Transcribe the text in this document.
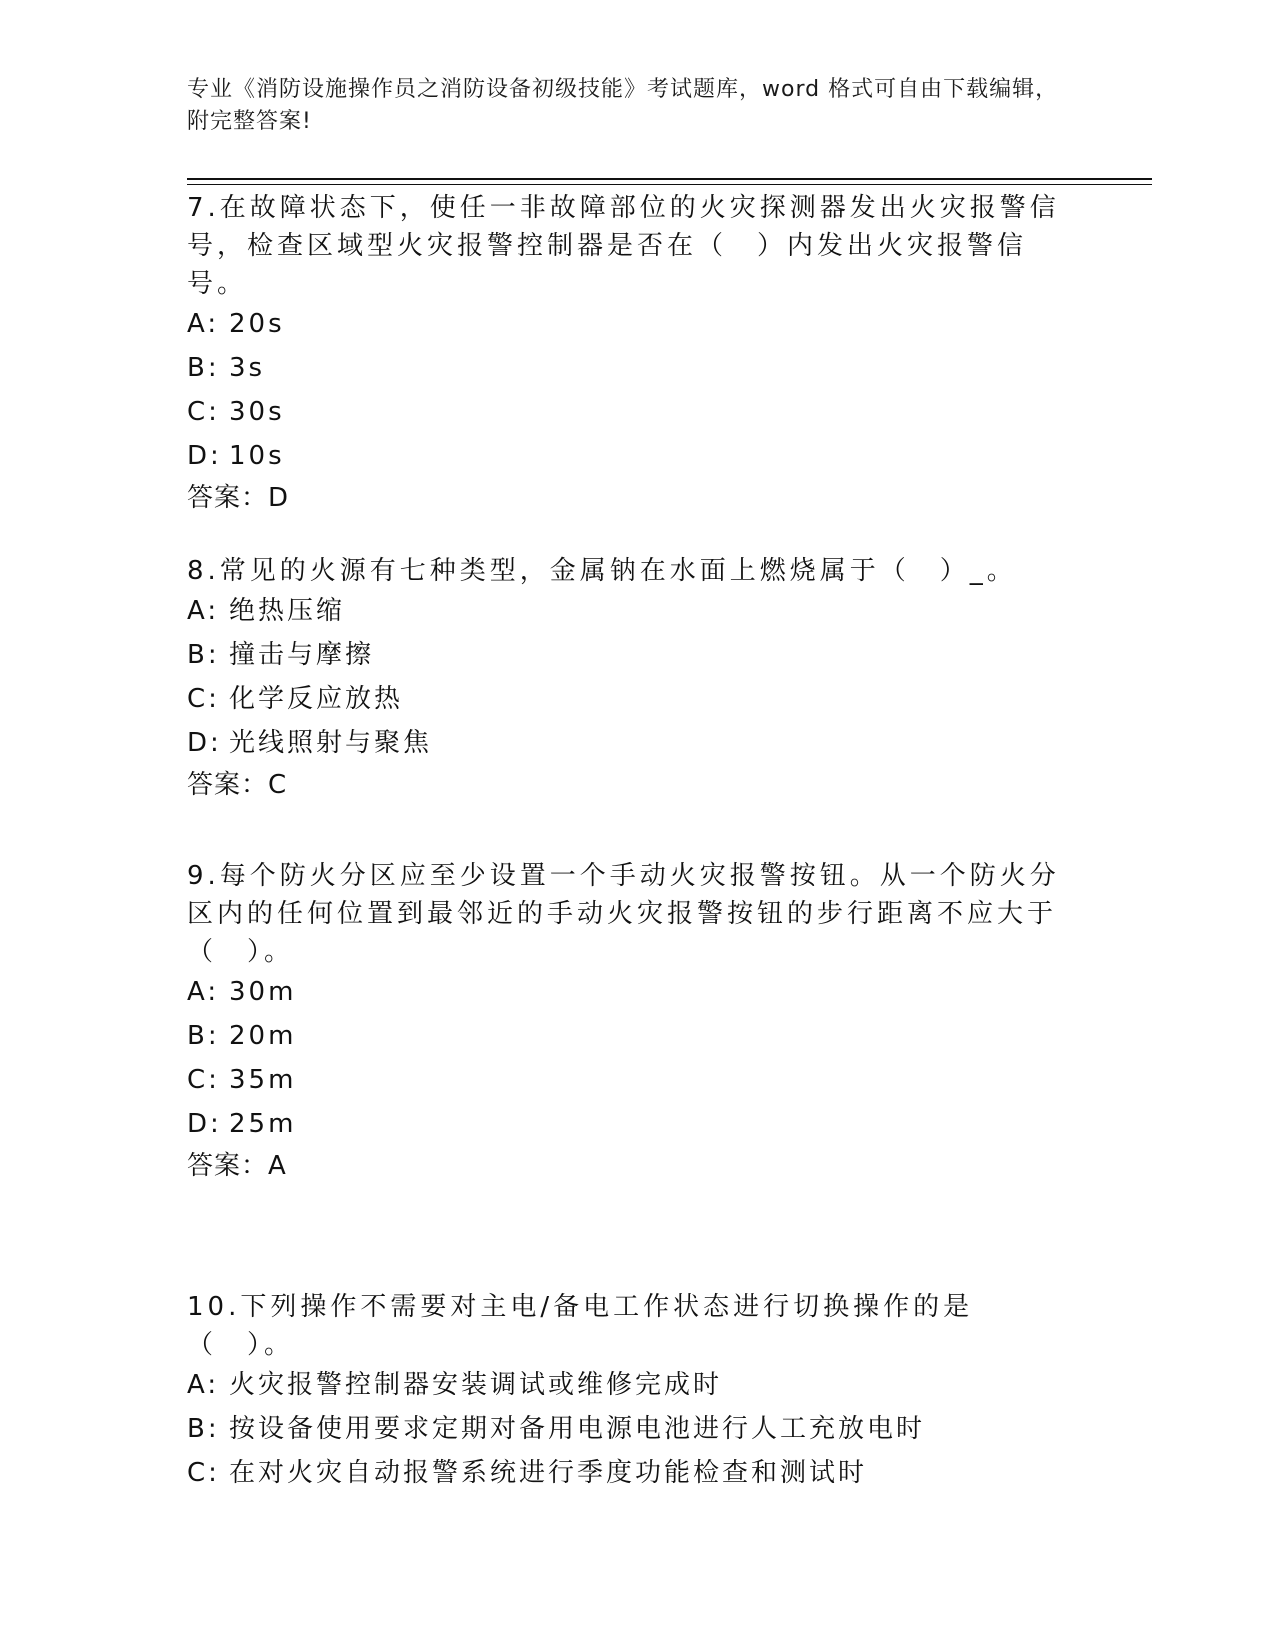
专业《消防设施操作员之消防设备初级技能》考试题库，word 格式可自由下载编辑，附完整答案!

7.在故障状态下，使任一非故障部位的火灾探测器发出火灾报警信号，检查区域型火灾报警控制器是否在（　）内发出火灾报警信号。

A: 20s

B: 3s

C: 30s

D: 10s

答案：D

8.常见的火源有七种类型，金属钠在水面上燃烧属于（　）_。

A: 绝热压缩

B: 撞击与摩擦

C: 化学反应放热

D: 光线照射与聚焦

答案：C

9.每个防火分区应至少设置一个手动火灾报警按钮。从一个防火分区内的任何位置到最邻近的手动火灾报警按钮的步行距离不应大于（　）。

A: 30m

B: 20m

C: 35m

D: 25m

答案：A

10.下列操作不需要对主电/备电工作状态进行切换操作的是（　）。

A: 火灾报警控制器安装调试或维修完成时

B: 按设备使用要求定期对备用电源电池进行人工充放电时

C: 在对火灾自动报警系统进行季度功能检查和测试时
